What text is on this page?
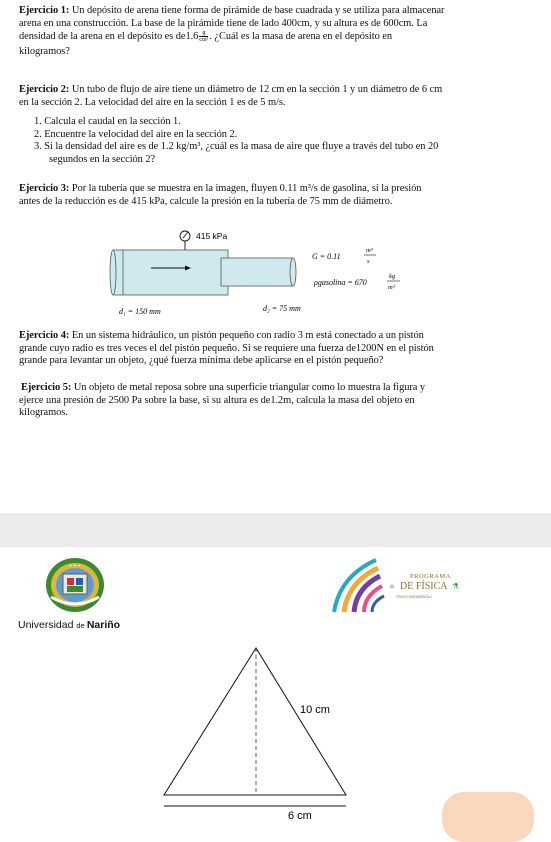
Ejercicio 1: Un depósito de arena tiene forma de pirámide de base cuadrada y se utiliza para almacenar
arena en una construcción. La base de la pirámide tiene de lado 400cm, y su altura es de 600cm. La
densidad de la arena en el depósito es $de1.6 \frac{g}{\text{cm³}}$ . ¿Cuál es la masa de arena en el depósito en
kilogramos?
Ejercicio 2: Un tubo de flujo de aire tiene un diámetro de 12 cm en la sección 1 y un diámetro de 6 cm
en la sección 2. La velocidad del aire en la sección 1 es de 5 m/s.
1. Calcula el caudal en la sección 1.
2. Encuentre la velocidad del aire en la sección 2.
3. Si la densidad del aire es de 1.2 kg/m³, ¿cuál es la masa de aire que fluye a través del tubo en 20
segundos en la sección 2?
Ejercicio 3: Por la tubería que se muestra en la imagen, fluyen 0.11 m³/s de gasolina, si la presión
antes de la reducción es de 415 kPa, calcule la presión en la tubería de 75 mm de diámetro.
415 kPa
G = 0.11
m³
s
ρgasolina = 670
kg
m³
d₁ = 150 mm	d₂ = 75 mm
Ejercicio 4: En un sistema hidráulico, un pistón pequeño con radio 3 m está conectado a un pistón
grande cuyo radio es tres veces el del pistón pequeño. Si se requiere una fuerza de1200N en el pistón
grande para levantar un objeto, ¿qué fuerza mínima debe aplicarse en el pistón pequeño?
Ejercicio 5: Un objeto de metal reposa sobre una superficie triangular como lo muestra la figura y
ejerce una presión de 2500 Pa sobre la base, si su altura es de1.2m, calcula la masa del objeto en
kilogramos.
✦ ✦ ✦
Universidad de Nariño
PROGRAMA
DE FÍSICA
FÍSICA FUNDAMENTAL I
⚛	⚗
10 cm
6 cm
